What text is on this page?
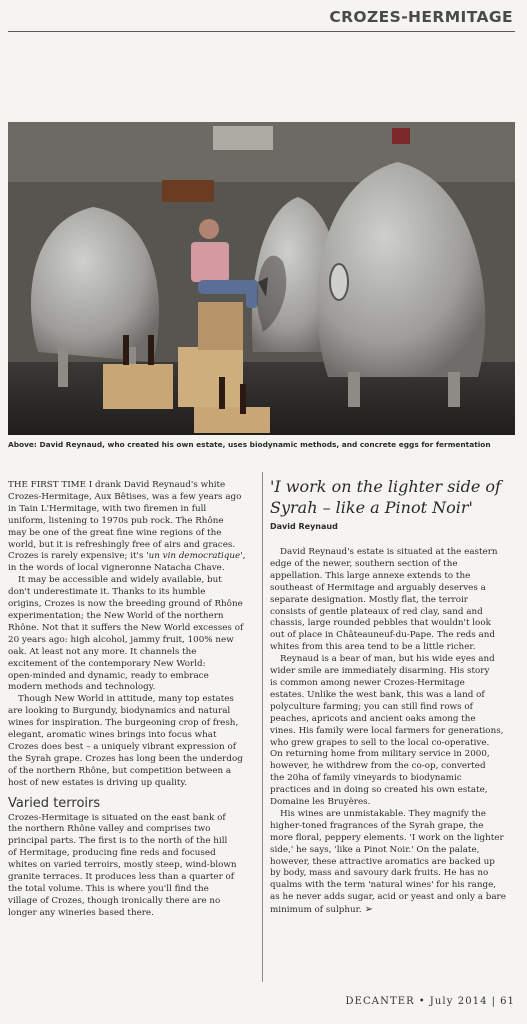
CROZES-HERMITAGE
Above: David Reynaud, who created his own estate, uses biodynamic methods, and concrete eggs for fermentation

THE FIRST TIME I drank David Reynaud's white
Crozes-Hermitage, Aux Bêtises, was a few years ago
in Tain L'Hermitage, with two firemen in full
uniform, listening to 1970s pub rock. The Rhône
may be one of the great fine wine regions of the
world, but it is refreshingly free of airs and graces.
Crozes is rarely expensive; it's 'un vin democratique',
in the words of local vigneronne Natacha Chave.

It may be accessible and widely available, but
don't underestimate it. Thanks to its humble
origins, Crozes is now the breeding ground of Rhône
experimentation; the New World of the northern
Rhône. Not that it suffers the New World excesses of
20 years ago: high alcohol, jammy fruit, 100% new
oak. At least not any more. It channels the
excitement of the contemporary New World:
open-minded and dynamic, ready to embrace
modern methods and technology.

Though New World in attitude, many top estates
are looking to Burgundy, biodynamics and natural
wines for inspiration. The burgeoning crop of fresh,
elegant, aromatic wines brings into focus what
Crozes does best – a uniquely vibrant expression of
the Syrah grape. Crozes has long been the underdog
of the northern Rhône, but competition between a
host of new estates is driving up quality.

Varied terroirs

Crozes-Hermitage is situated on the east bank of
the northern Rhône valley and comprises two
principal parts. The first is to the north of the hill
of Hermitage, producing fine reds and focused
whites on varied terroirs, mostly steep, wind-blown
granite terraces. It produces less than a quarter of
the total volume. This is where you'll find the
village of Crozes, though ironically there are no
longer any wineries based there.

'I work on the lighter side of
Syrah – like a Pinot Noir'

David Reynaud

David Reynaud's estate is situated at the eastern
edge of the newer, southern section of the
appellation. This large annexe extends to the
southeast of Hermitage and arguably deserves a
separate designation. Mostly flat, the terroir
consists of gentle plateaux of red clay, sand and
chassis, large rounded pebbles that wouldn't look
out of place in Châteauneuf-du-Pape. The reds and
whites from this area tend to be a little richer.

Reynaud is a bear of man, but his wide eyes and
wider smile are immediately disarming. His story
is common among newer Crozes-Hermitage
estates. Unlike the west bank, this was a land of
polyculture farming; you can still find rows of
peaches, apricots and ancient oaks among the
vines. His family were local farmers for generations,
who grew grapes to sell to the local co-operative.
On returning home from military service in 2000,
however, he withdrew from the co-op, converted
the 20ha of family vineyards to biodynamic
practices and in doing so created his own estate,
Domaine les Bruyères.

His wines are unmistakable. They magnify the
higher-toned fragrances of the Syrah grape, the
more floral, peppery elements. 'I work on the lighter
side,' he says, 'like a Pinot Noir.' On the palate,
however, these attractive aromatics are backed up
by body, mass and savoury dark fruits. He has no
qualms with the term 'natural wines' for his range,
as he never adds sugar, acid or yeast and only a bare
minimum of sulphur. ➢

DECANTER • July 2014 | 61
